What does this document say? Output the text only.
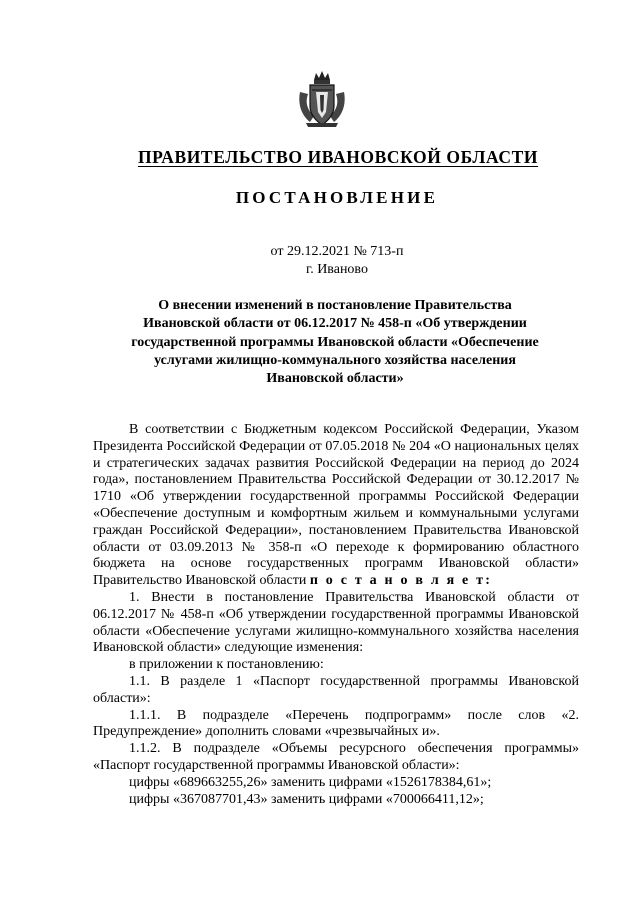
ПРАВИТЕЛЬСТВО ИВАНОВСКОЙ ОБЛАСТИ
ПОСТАНОВЛЕНИЕ
от 29.12.2021 № 713-п
г. Иваново
О внесении изменений в постановление Правительства
Ивановской области от 06.12.2017 № 458-п «Об утверждении
государственной программы Ивановской области «Обеспечение
услугами жилищно-коммунального хозяйства населения
Ивановской области»

В соответствии с Бюджетным кодексом Российской Федерации, Указом Президента Российской Федерации от 07.05.2018 № 204 «О национальных целях и стратегических задачах развития Российской Федерации на период до 2024 года», постановлением Правительства Российской Федерации от 30.12.2017 № 1710 «Об утверждении государственной программы Российской Федерации «Обеспечение доступным и комфортным жильем и коммунальными услугами граждан Российской Федерации», постановлением Правительства Ивановской области от 03.09.2013 № 358-п «О переходе к формированию областного бюджета на основе государственных программ Ивановской области» Правительство Ивановской области п о с т а н о в л я е т:

1. Внести в постановление Правительства Ивановской области от 06.12.2017 № 458-п «Об утверждении государственной программы Ивановской области «Обеспечение услугами жилищно-коммунального хозяйства населения Ивановской области» следующие изменения:

в приложении к постановлению:

1.1. В разделе 1 «Паспорт государственной программы Ивановской области»:

1.1.1. В подразделе «Перечень подпрограмм» после слов «2. Предупреждение» дополнить словами «чрезвычайных и».

1.1.2. В подразделе «Объемы ресурсного обеспечения программы» «Паспорт государственной программы Ивановской области»:

цифры «689663255,26» заменить цифрами «1526178384,61»;

цифры «367087701,43» заменить цифрами «700066411,12»;
